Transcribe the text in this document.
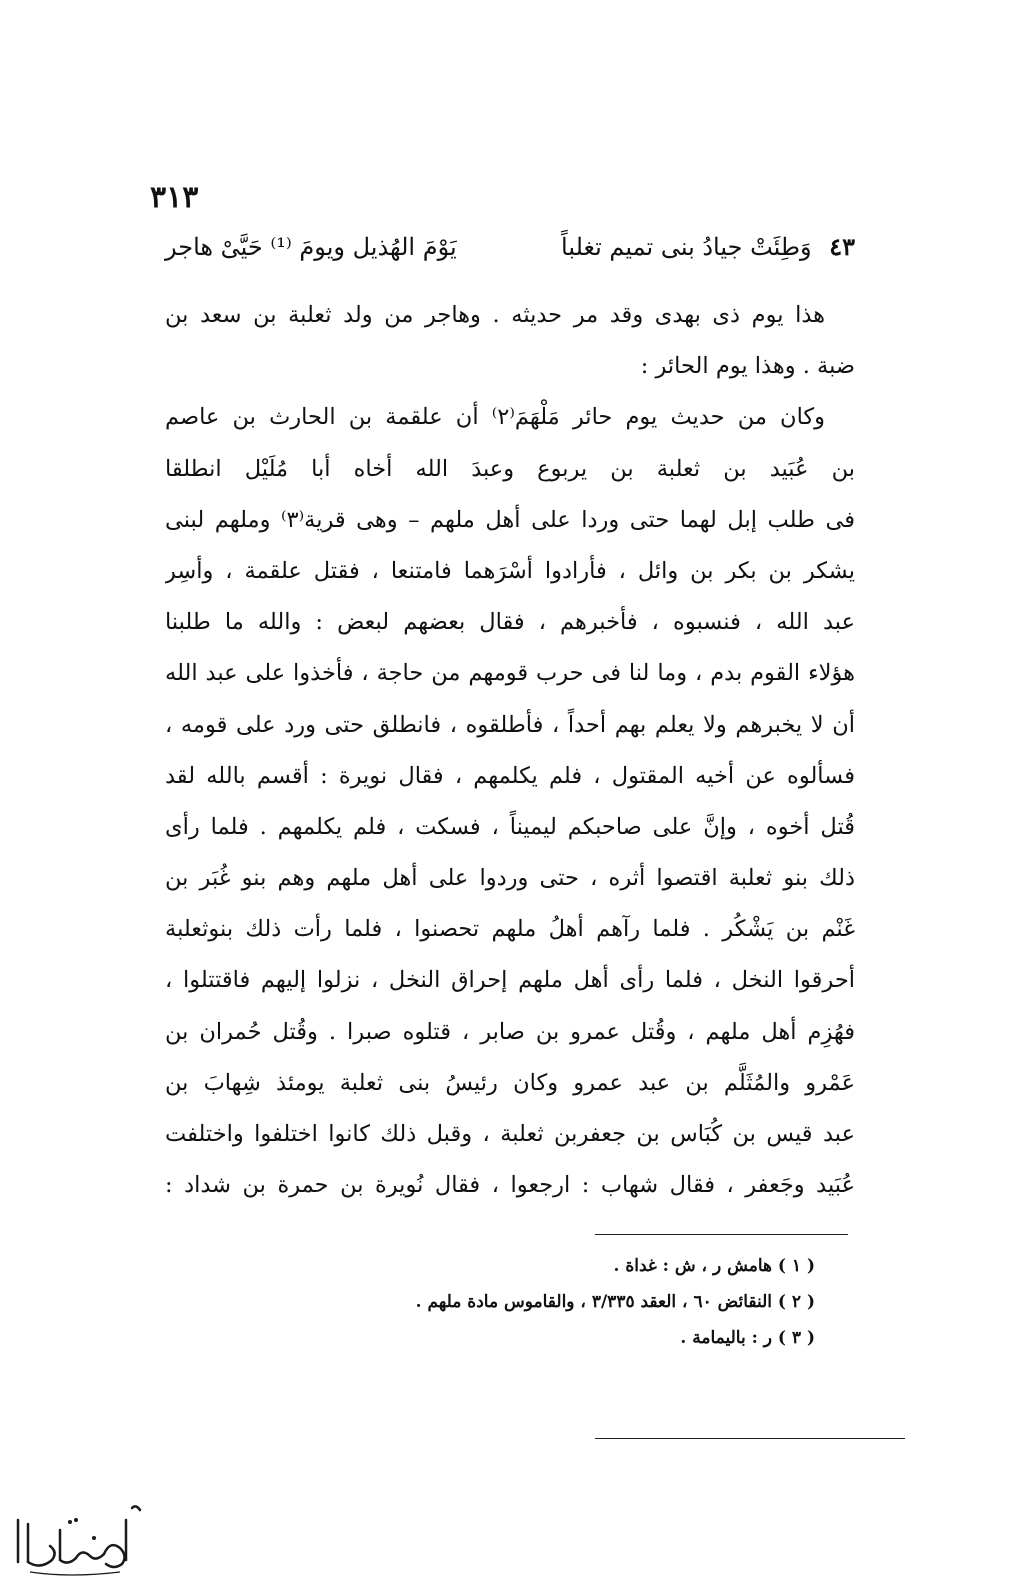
٣١٣
٤٣ وَطِئَتْ جيادُ بنى تميم تغلباً
يَوْمَ الهُذيل ويومَ ⁽¹⁾ حَيَّىْ هاجر
هذا يوم ذى بهدى وقد مر حديثه . وهاجر من ولد ثعلبة بن سعد بن
ضبة . وهذا يوم الحائر :
وكان من حديث يوم حائر مَلْهَمَ⁽٢⁾ أن علقمة بن الحارث بن عاصم
بن عُبَيد بن ثعلبة بن يربوع وعبدَ الله أخاه أبا مُلَيْل انطلقا
فى طلب إبل لهما حتى وردا على أهل ملهم – وهى قرية⁽٣⁾ وملهم لبنى
يشكر بن بكر بن وائل ، فأرادوا أسْرَهما فامتنعا ، فقتل علقمة ، وأسِر
عبد الله ، فنسبوه ، فأخبرهم ، فقال بعضهم لبعض : والله ما طلبنا
هؤلاء القوم بدم ، وما لنا فى حرب قومهم من حاجة ، فأخذوا على عبد الله
أن لا يخبرهم ولا يعلم بهم أحداً ، فأطلقوه ، فانطلق حتى ورد على قومه ،
فسألوه عن أخيه المقتول ، فلم يكلمهم ، فقال نويرة : أقسم بالله لقد
قُتل أخوه ، وإنَّ على صاحبكم ليميناً ، فسكت ، فلم يكلمهم . فلما رأى
ذلك بنو ثعلبة اقتصوا أثره ، حتى وردوا على أهل ملهم وهم بنو غُبَر بن
غَنْم بن يَشْكُر . فلما رآهم أهلُ ملهم تحصنوا ، فلما رأت ذلك بنوثعلبة
أحرقوا النخل ، فلما رأى أهل ملهم إحراق النخل ، نزلوا إليهم فاقتتلوا ،
فهُزِم أهل ملهم ، وقُتل عمرو بن صابر ، قتلوه صبرا . وقُتل حُمران بن
عَمْرو والمُثَلَّم بن عبد عمرو وكان رئيسُ بنى ثعلبة يومئذ شِهابَ بن
عبد قيس بن كُبَاس بن جعفربن ثعلبة ، وقبل ذلك كانوا اختلفوا واختلفت
عُبَيد وجَعفر ، فقال شهاب : ارجعوا ، فقال نُويرة بن حمرة بن شداد :
( ١ ) هامش ر ، ش : غداة .
( ٢ ) النقائض ٦٠ ، العقد ٣/٣٣٥ ، والقاموس مادة ملهم .
( ٣ ) ر : باليمامة .
